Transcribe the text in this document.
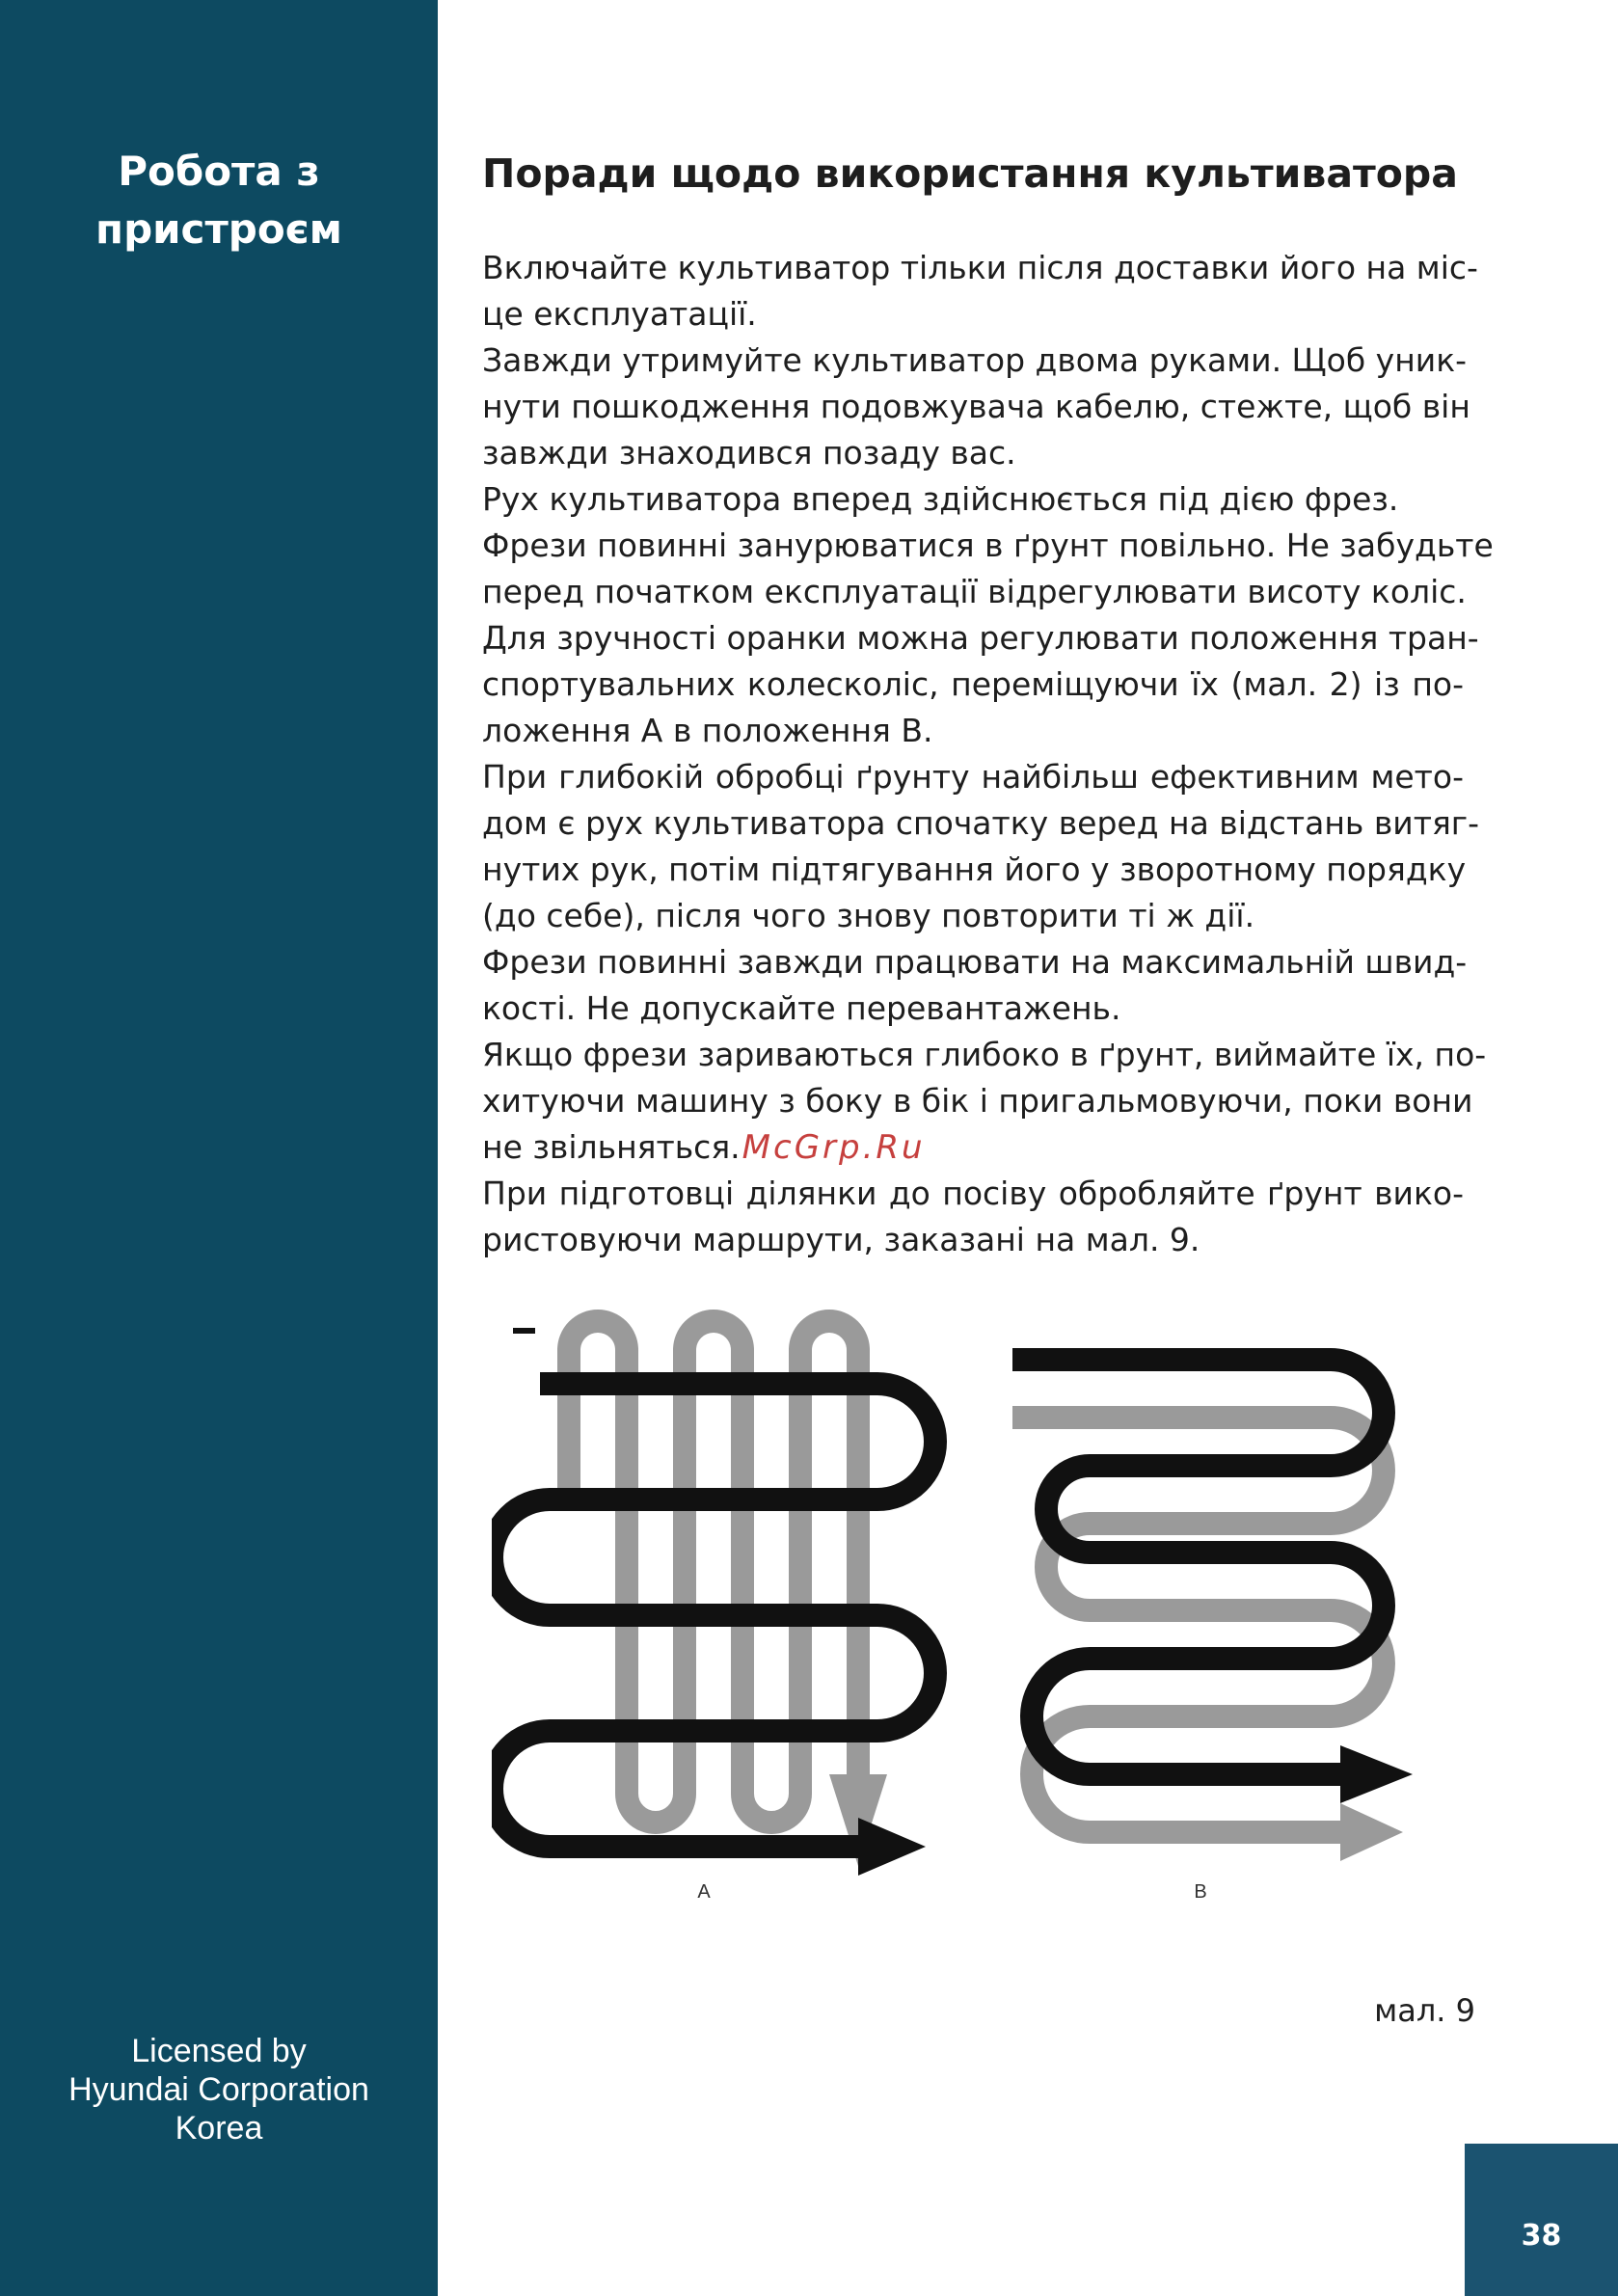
Робота з
пристроєм
Licensed by
Hyundai Corporation
Korea
38
Поради щодо використання культиватора
Включайте культиватор тільки після доставки його на міс-
це експлуатації.
Завжди утримуйте культиватор двома руками. Щоб уник-
нути пошкодження подовжувача кабелю, стежте, щоб він
завжди знаходився позаду вас.
Рух культиватора вперед здійснюється під дією фрез.
Фрези повинні занурюватися в ґрунт повільно. Не забудьте
перед початком експлуатації відрегулювати висоту коліс.
Для зручності оранки можна регулювати положення тран-
спортувальних колесколіс, переміщуючи їх (мал. 2) із по-
ложення А в положення В.
При глибокій обробці ґрунту найбільш ефективним мето-
дом є рух культиватора спочатку веред на відстань витяг-
нутих рук, потім підтягування його у зворотному порядку
(до себе), після чого знову повторити ті ж дії.
Фрези повинні завжди працювати на максимальній швид-
кості. Не допускайте перевантажень.
Якщо фрези зариваються глибоко в ґрунт, виймайте їх, по-
хитуючи машину з боку в бік і пригальмовуючи, поки вони
не звільняться.McGrp.Ru
При підготовці ділянки до посіву обробляйте ґрунт вико-
ристовуючи маршрути, заказані на мал. 9.
A	B
мал. 9
